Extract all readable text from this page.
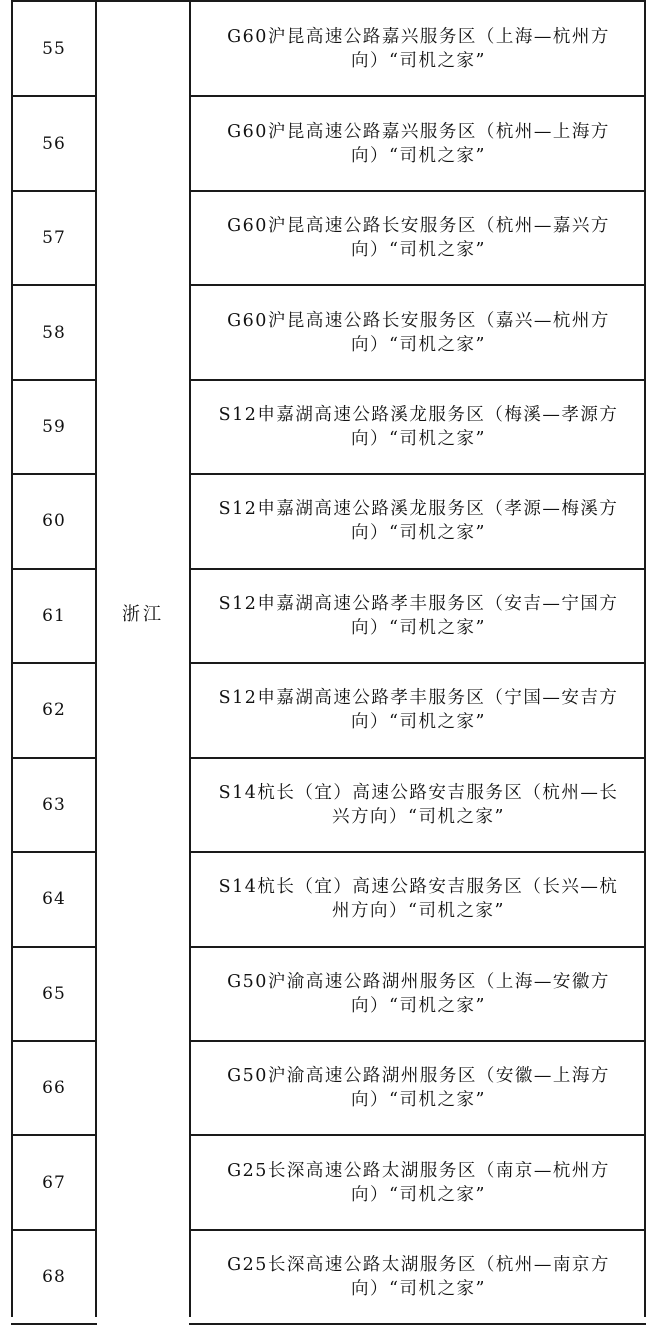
浙江
55
G60沪昆高速公路嘉兴服务区（上海—杭州方
向）“司机之家”
56
G60沪昆高速公路嘉兴服务区（杭州—上海方
向）“司机之家”
57
G60沪昆高速公路长安服务区（杭州—嘉兴方
向）“司机之家”
58
G60沪昆高速公路长安服务区（嘉兴—杭州方
向）“司机之家”
59
S12申嘉湖高速公路溪龙服务区（梅溪—孝源方
向）“司机之家”
60
S12申嘉湖高速公路溪龙服务区（孝源—梅溪方
向）“司机之家”
61
S12申嘉湖高速公路孝丰服务区（安吉—宁国方
向）“司机之家”
62
S12申嘉湖高速公路孝丰服务区（宁国—安吉方
向）“司机之家”
63
S14杭长（宜）高速公路安吉服务区（杭州—长
兴方向）“司机之家”
64
S14杭长（宜）高速公路安吉服务区（长兴—杭
州方向）“司机之家”
65
G50沪渝高速公路湖州服务区（上海—安徽方
向）“司机之家”
66
G50沪渝高速公路湖州服务区（安徽—上海方
向）“司机之家”
67
G25长深高速公路太湖服务区（南京—杭州方
向）“司机之家”
68
G25长深高速公路太湖服务区（杭州—南京方
向）“司机之家”
